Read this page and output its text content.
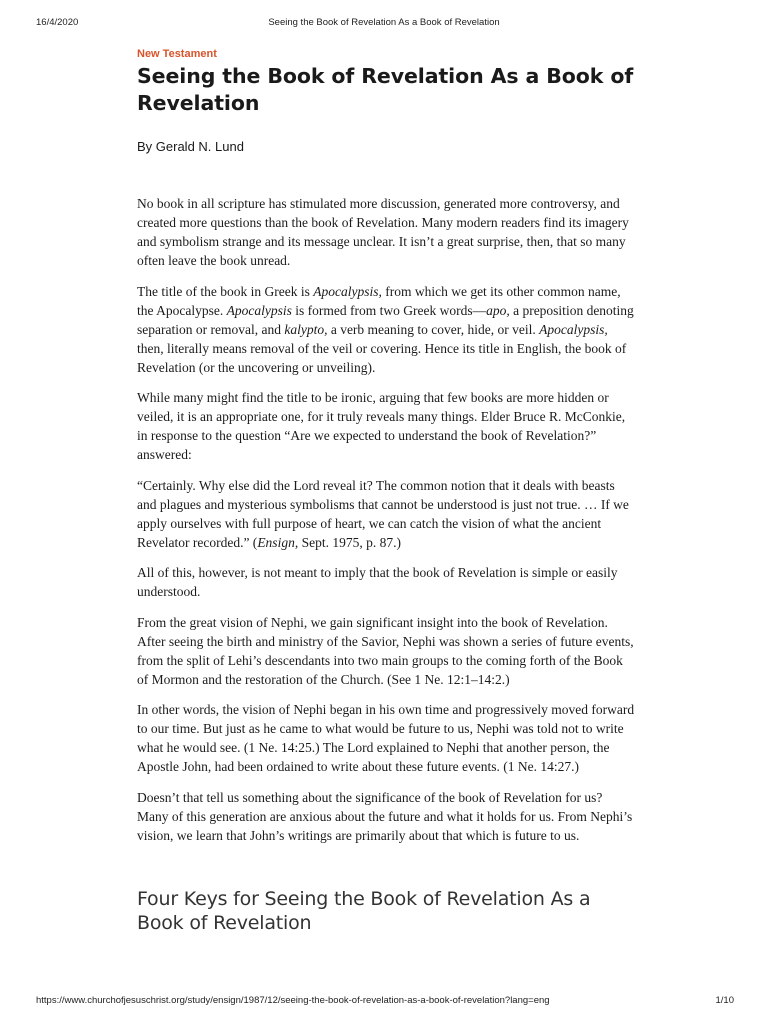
16/4/2020	Seeing the Book of Revelation As a Book of Revelation
New Testament
Seeing the Book of Revelation As a Book of Revelation
By Gerald N. Lund

No book in all scripture has stimulated more discussion, generated more controversy, and created more questions than the book of Revelation. Many modern readers find its imagery and symbolism strange and its message unclear. It isn’t a great surprise, then, that so many often leave the book unread.

The title of the book in Greek is Apocalypsis, from which we get its other common name, the Apocalypse. Apocalypsis is formed from two Greek words—apo, a preposition denoting separation or removal, and kalypto, a verb meaning to cover, hide, or veil. Apocalypsis, then, literally means removal of the veil or covering. Hence its title in English, the book of Revelation (or the uncovering or unveiling).

While many might find the title to be ironic, arguing that few books are more hidden or veiled, it is an appropriate one, for it truly reveals many things. Elder Bruce R. McConkie, in response to the question “Are we expected to understand the book of Revelation?” answered:

“Certainly. Why else did the Lord reveal it? The common notion that it deals with beasts and plagues and mysterious symbolisms that cannot be understood is just not true. … If we apply ourselves with full purpose of heart, we can catch the vision of what the ancient Revelator recorded.” (Ensign, Sept. 1975, p. 87.)

All of this, however, is not meant to imply that the book of Revelation is simple or easily understood.

From the great vision of Nephi, we gain significant insight into the book of Revelation. After seeing the birth and ministry of the Savior, Nephi was shown a series of future events, from the split of Lehi’s descendants into two main groups to the coming forth of the Book of Mormon and the restoration of the Church. (See 1 Ne. 12:1–14:2.)

In other words, the vision of Nephi began in his own time and progressively moved forward to our time. But just as he came to what would be future to us, Nephi was told not to write what he would see. (1 Ne. 14:25.) The Lord explained to Nephi that another person, the Apostle John, had been ordained to write about these future events. (1 Ne. 14:27.)

Doesn’t that tell us something about the significance of the book of Revelation for us? Many of this generation are anxious about the future and what it holds for us. From Nephi’s vision, we learn that John’s writings are primarily about that which is future to us.

Four Keys for Seeing the Book of Revelation As a Book of Revelation
https://www.churchofjesuschrist.org/study/ensign/1987/12/seeing-the-book-of-revelation-as-a-book-of-revelation?lang=eng	1/10
